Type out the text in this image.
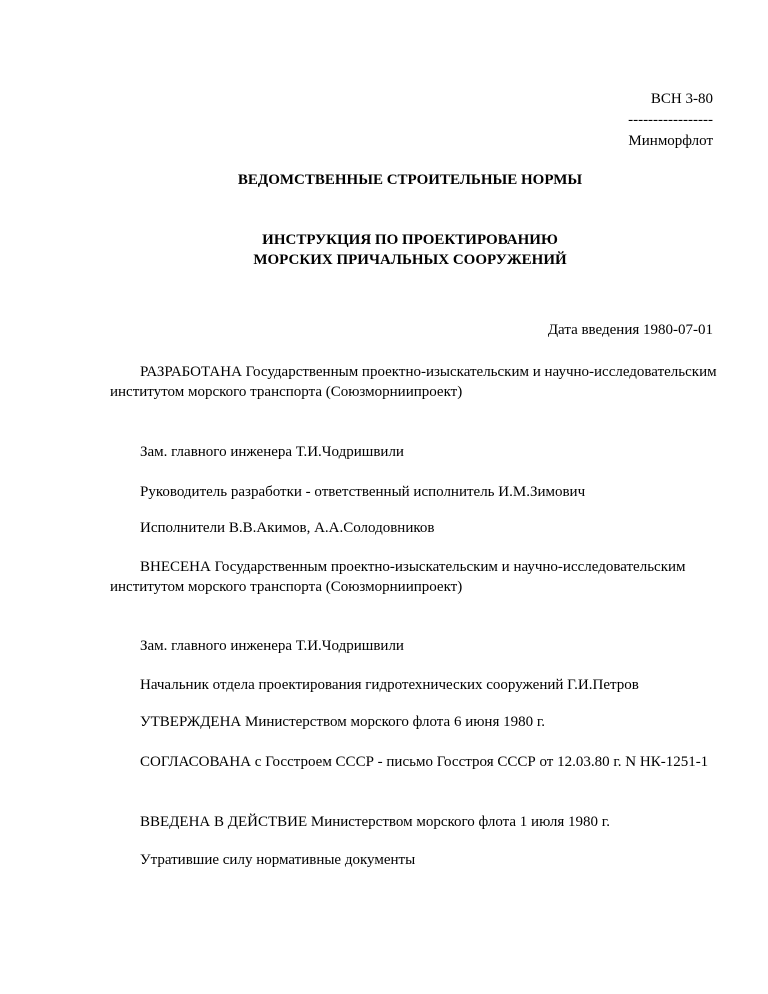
ВСН 3-80
-----------------
Минморфлот
ВЕДОМСТВЕННЫЕ СТРОИТЕЛЬНЫЕ НОРМЫ
ИНСТРУКЦИЯ ПО ПРОЕКТИРОВАНИЮ
МОРСКИХ ПРИЧАЛЬНЫХ СООРУЖЕНИЙ
Дата введения 1980-07-01
РАЗРАБОТАНА Государственным проектно-изыскательским и научно-исследовательским институтом морского транспорта (Союзморниипроект)
Зам. главного инженера Т.И.Чодришвили
Руководитель разработки - ответственный исполнитель И.М.Зимович
Исполнители В.В.Акимов, А.А.Солодовников
ВНЕСЕНА Государственным проектно-изыскательским и научно-исследовательским институтом морского транспорта (Союзморниипроект)
Зам. главного инженера Т.И.Чодришвили
Начальник отдела проектирования гидротехнических сооружений Г.И.Петров
УТВЕРЖДЕНА Министерством морского флота 6 июня 1980 г.
СОГЛАСОВАНА с Госстроем СССР - письмо Госстроя СССР от 12.03.80 г. N НК-1251-1
ВВЕДЕНА В ДЕЙСТВИЕ Министерством морского флота 1 июля 1980 г.
Утратившие силу нормативные документы
